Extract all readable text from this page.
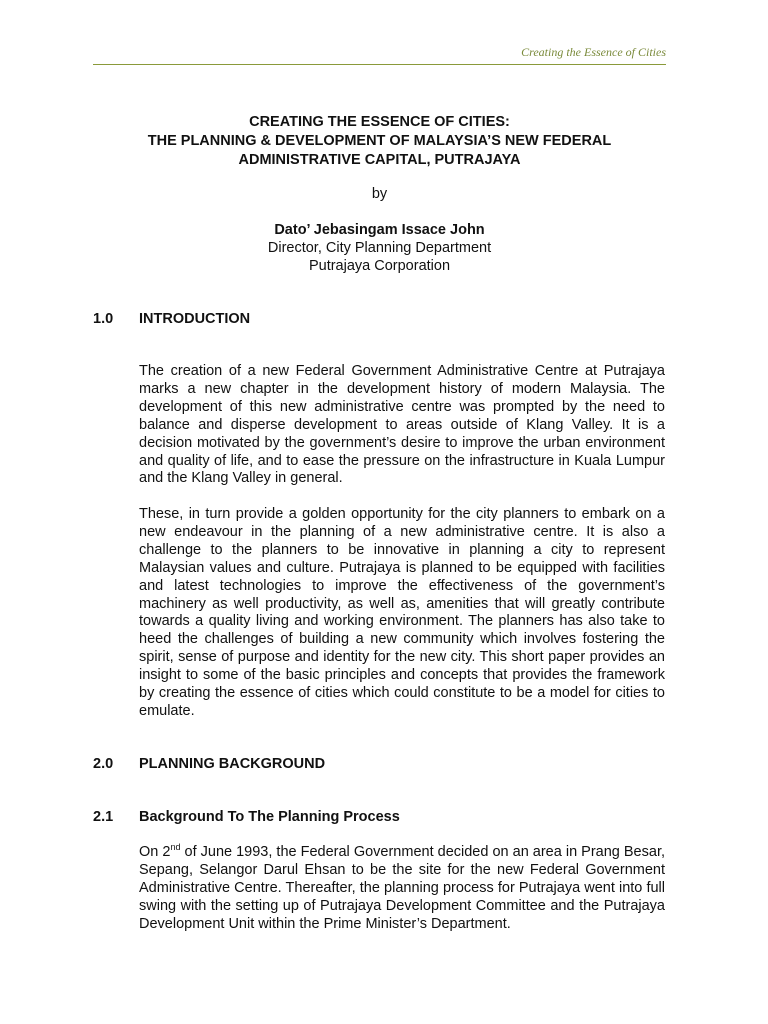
Creating the Essence of Cities
CREATING THE ESSENCE OF CITIES:
THE PLANNING & DEVELOPMENT OF MALAYSIA’S NEW FEDERAL
ADMINISTRATIVE CAPITAL, PUTRAJAYA
by
Dato’ Jebasingam Issace John
Director, City Planning Department
Putrajaya Corporation
1.0 INTRODUCTION

The creation of a new Federal Government Administrative Centre at Putrajaya marks a new chapter in the development history of modern Malaysia. The development of this new administrative centre was prompted by the need to balance and disperse development to areas outside of Klang Valley. It is a decision motivated by the government’s desire to improve the urban environment and quality of life, and to ease the pressure on the infrastructure in Kuala Lumpur and the Klang Valley in general.

These, in turn provide a golden opportunity for the city planners to embark on a new endeavour in the planning of a new administrative centre. It is also a challenge to the planners to be innovative in planning a city to represent Malaysian values and culture. Putrajaya is planned to be equipped with facilities and latest technologies to improve the effectiveness of the government’s machinery as well productivity, as well as, amenities that will greatly contribute towards a quality living and working environment. The planners has also take to heed the challenges of building a new community which involves fostering the spirit, sense of purpose and identity for the new city. This short paper provides an insight to some of the basic principles and concepts that provides the framework by creating the essence of cities which could constitute to be a model for cities to emulate.

2.0 PLANNING BACKGROUND
2.1 Background To The Planning Process

On 2nd of June 1993, the Federal Government decided on an area in Prang Besar, Sepang, Selangor Darul Ehsan to be the site for the new Federal Government Administrative Centre. Thereafter, the planning process for Putrajaya went into full swing with the setting up of Putrajaya Development Committee and the Putrajaya Development Unit within the Prime Minister’s Department.
